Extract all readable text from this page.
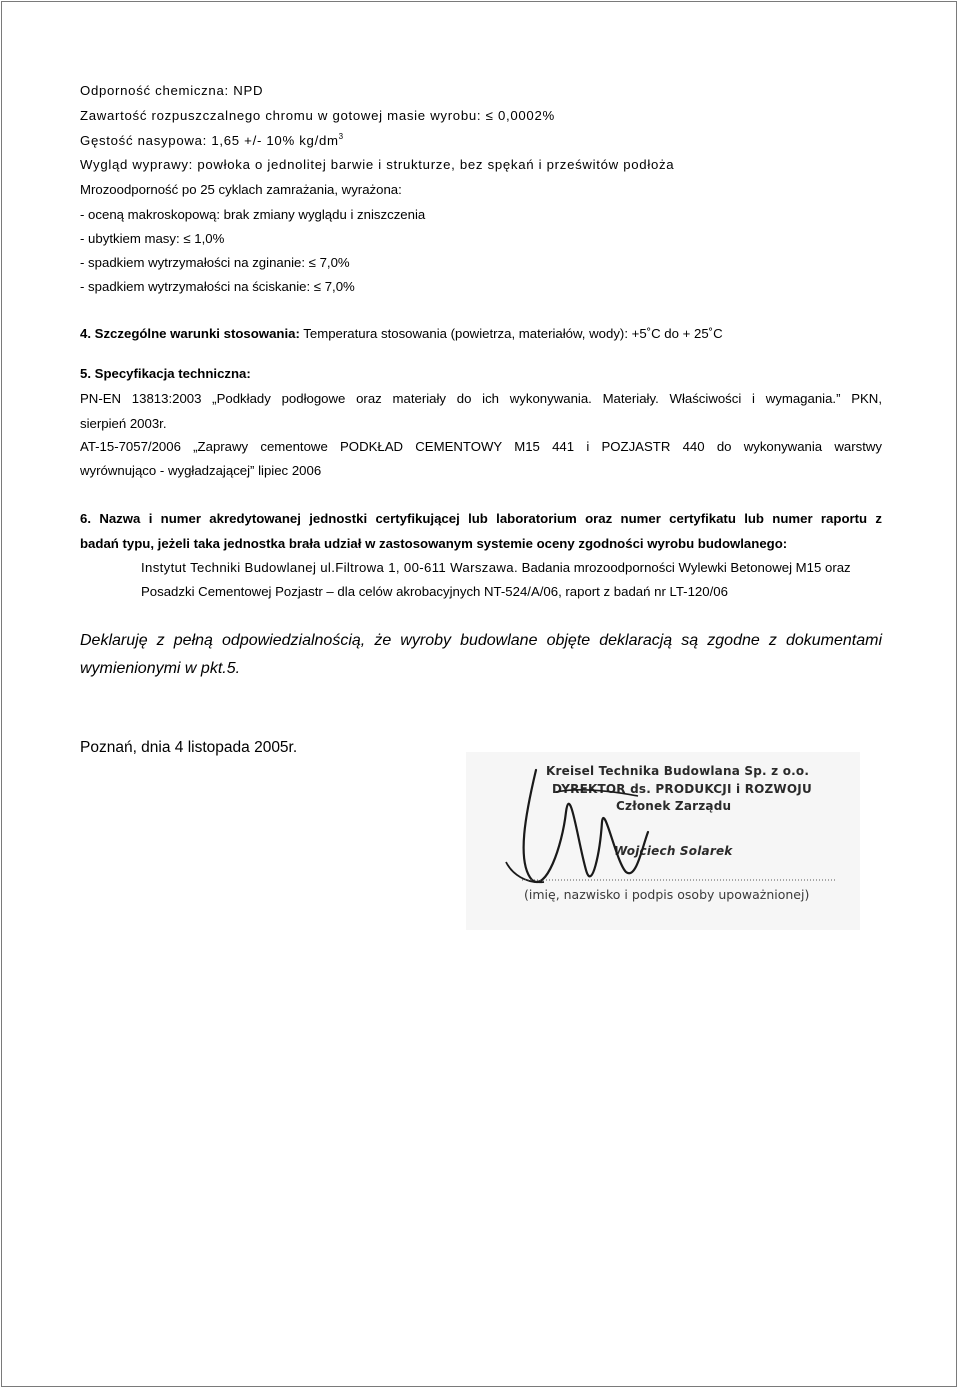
Odporność chemiczna: NPD
Zawartość rozpuszczalnego chromu w gotowej masie wyrobu: ≤ 0,0002%
Gęstość nasypowa: 1,65 +/- 10% $kg/dm^3$
Wygląd wyprawy: powłoka o jednolitej barwie i strukturze, bez spękań i prześwitów podłoża
Mrozoodporność po 25 cyklach zamrażania, wyrażona:
- oceną makroskopową: brak zmiany wyglądu i zniszczenia
- ubytkiem masy: ≤ 1,0%
- spadkiem wytrzymałości na zginanie: ≤ 7,0%
- spadkiem wytrzymałości na ściskanie: ≤ 7,0%
4. Szczególne warunki stosowania: Temperatura stosowania (powietrza, materiałów, wody): +5˚C do + 25˚C
5. Specyfikacja techniczna:
PN-EN 13813:2003 „Podkłady podłogowe oraz materiały do ich wykonywania. Materiały. Właściwości i wymagania.” PKN,
sierpień 2003r.
AT-15-7057/2006 „Zaprawy cementowe PODKŁAD CEMENTOWY M15 441 i POZJASTR 440 do wykonywania warstwy
wyrównująco - wygładzającej” lipiec 2006
6. Nazwa i numer akredytowanej jednostki certyfikującej lub laboratorium oraz numer certyfikatu lub numer raportu z
badań typu, jeżeli taka jednostka brała udział w zastosowanym systemie oceny zgodności wyrobu budowlanego:
Instytut Techniki Budowlanej ul.Filtrowa 1, 00-611 Warszawa. Badania mrozoodporności Wylewki Betonowej M15 oraz
Posadzki Cementowej Pozjastr – dla celów akrobacyjnych NT-524/A/06, raport z badań nr LT-120/06
Deklaruję z pełną odpowiedzialnością, że wyroby budowlane objęte deklaracją są zgodne z dokumentami
wymienionymi w pkt.5.
Poznań, dnia 4 listopada 2005r.
Kreisel Technika Budowlana Sp. z o.o.
DYREKTOR ds. PRODUKCJI i ROZWOJU
Członek Zarządu
Wojciech Solarek
(imię, nazwisko i podpis osoby upoważnionej)
